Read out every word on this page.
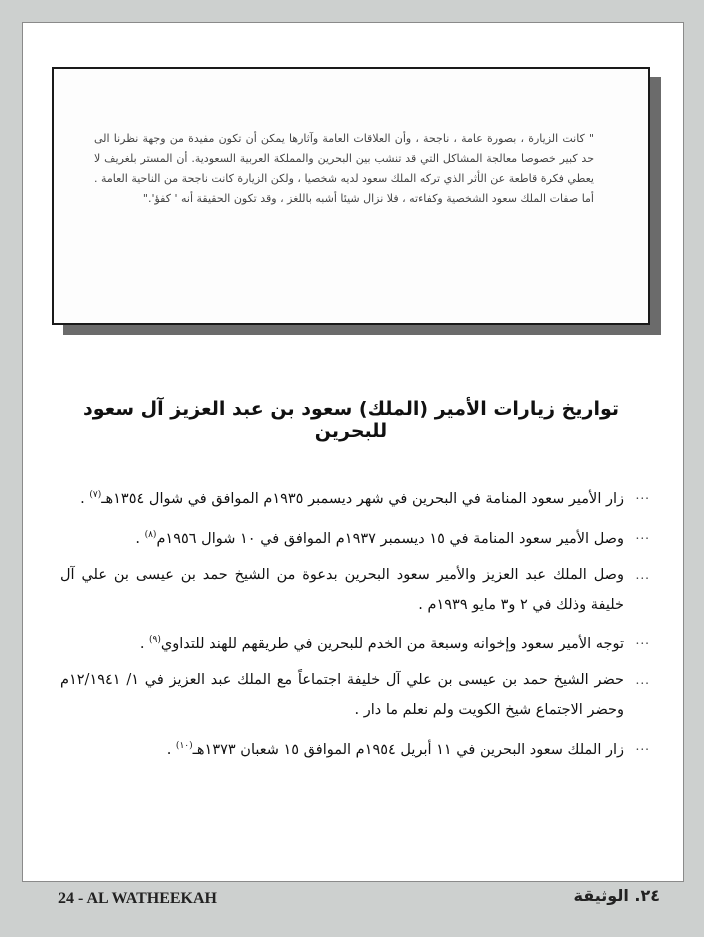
" كانت الزيارة ، بصورة عامة ، ناجحة ، وأن العلاقات العامة وآثارها يمكن أن تكون مفيدة من وجهة نظرنا الى حد كبير خصوصا معالجة المشاكل التي قد تنشب بين البحرين والمملكة العربية السعودية. أن المستر بلغريف لا يعطي فكرة قاطعة عن الأثر الذي تركه الملك سعود لديه شخصيا ، ولكن الزيارة كانت ناجحة من الناحية العامة . أما صفات الملك سعود الشخصية وكفاءته ، فلا نزال شيئا أشبه باللغز ، وقد تكون الحقيقة أنه ' كفؤ'."
تواريخ زيارات الأمير (الملك) سعود بن عبد العزيز آل سعود للبحرين
...
زار الأمير سعود المنامة في البحرين في شهر ديسمبر ١٩٣٥م الموافق في شوال ١٣٥٤هـ$^{(٧)}$ .
...
وصل الأمير سعود المنامة في ١٥ ديسمبر ١٩٣٧م الموافق في ١٠ شوال ١٩٥٦م$^{(٨)}$ .
...
وصل الملك عبد العزيز والأمير سعود البحرين بدعوة من الشيخ حمد بن عيسى بن علي آل خليفة وذلك في ٢ و٣ مايو ١٩٣٩م .
...
توجه الأمير سعود وإخوانه وسبعة من الخدم للبحرين في طريقهم للهند للتداوي$^{(٩)}$ .
...
حضر الشيخ حمد بن عيسى بن علي آل خليفة اجتماعاً مع الملك عبد العزيز في ١/ ١٢/١٩٤١م وحضر الاجتماع شيخ الكويت ولم نعلم ما دار .
...
زار الملك سعود البحرين في ١١ أبريل ١٩٥٤م الموافق ١٥ شعبان ١٣٧٣هـ$^{(١٠)}$ .
24 - AL WATHEEKAH	٢٤. الوثيقة
